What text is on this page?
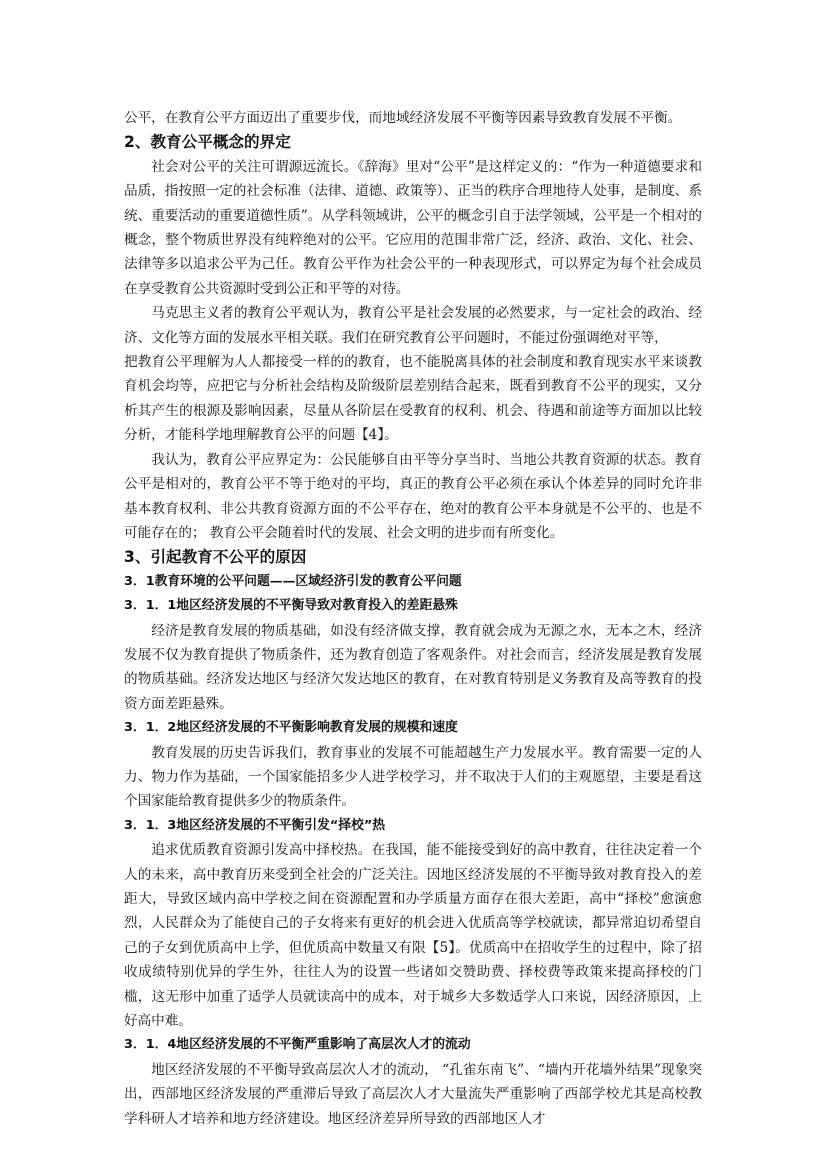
公平，在教育公平方面迈出了重要步伐，而地域经济发展不平衡等因素导致教育发展不平衡。

2、教育公平概念的界定

社会对公平的关注可谓源远流长。《辞海》里对“公平”是这样定义的：“作为一种道德要求和品质，指按照一定的社会标准（法律、道德、政策等）、正当的秩序合理地待人处事，是制度、系统、重要活动的重要道德性质”。从学科领域讲，公平的概念引自于法学领域，公平是一个相对的概念，整个物质世界没有纯粹绝对的公平。它应用的范围非常广泛，经济、政治、文化、社会、法律等多以追求公平为己任。教育公平作为社会公平的一种表现形式，可以界定为每个社会成员在享受教育公共资源时受到公正和平等的对待。

马克思主义者的教育公平观认为，教育公平是社会发展的必然要求，与一定社会的政治、经济、文化等方面的发展水平相关联。我们在研究教育公平问题时，不能过份强调绝对平等，

把教育公平理解为人人都接受一样的的教育，也不能脱离具体的社会制度和教育现实水平来谈教育机会均等，应把它与分析社会结构及阶级阶层差别结合起来，既看到教育不公平的现实，又分析其产生的根源及影响因素，尽量从各阶层在受教育的权利、机会、待遇和前途等方面加以比较分析，才能科学地理解教育公平的问题【4】。

我认为，教育公平应界定为：公民能够自由平等分享当时、当地公共教育资源的状态。教育公平是相对的，教育公平不等于绝对的平均，真正的教育公平必须在承认个体差异的同时允许非基本教育权利、非公共教育资源方面的不公平存在，绝对的教育公平本身就是不公平的、也是不可能存在的； 教育公平会随着时代的发展、社会文明的进步而有所变化。

3、引起教育不公平的原因
3．1教育环境的公平问题——区域经济引发的教育公平问题
3．1．1地区经济发展的不平衡导致对教育投入的差距悬殊

经济是教育发展的物质基础，如没有经济做支撑，教育就会成为无源之水，无本之木，经济发展不仅为教育提供了物质条件，还为教育创造了客观条件。对社会而言，经济发展是教育发展的物质基础。经济发达地区与经济欠发达地区的教育，在对教育特别是义务教育及高等教育的投资方面差距悬殊。

3．1．2地区经济发展的不平衡影响教育发展的规模和速度

教育发展的历史告诉我们，教育事业的发展不可能超越生产力发展水平。教育需要一定的人力、物力作为基础，一个国家能招多少人进学校学习，并不取决于人们的主观愿望，主要是看这个国家能给教育提供多少的物质条件。

3．1．3地区经济发展的不平衡引发“择校”热

追求优质教育资源引发高中择校热。在我国，能不能接受到好的高中教育，往往决定着一个人的未来，高中教育历来受到全社会的广泛关注。因地区经济发展的不平衡导致对教育投入的差距大，导致区域内高中学校之间在资源配置和办学质量方面存在很大差距，高中“择校”愈演愈烈，人民群众为了能使自己的子女将来有更好的机会进入优质高等学校就读，都异常迫切希望自己的子女到优质高中上学，但优质高中数量又有限【5】。优质高中在招收学生的过程中，除了招收成绩特别优异的学生外，往往人为的设置一些诸如交赞助费、择校费等政策来提高择校的门槛，这无形中加重了适学人员就读高中的成本，对于城乡大多数适学人口来说，因经济原因，上好高中难。

3．1．4地区经济发展的不平衡严重影响了高层次人才的流动

地区经济发展的不平衡导致高层次人才的流动， “孔雀东南飞”、“墙内开花墙外结果”现象突出，西部地区经济发展的严重滞后导致了高层次人才大量流失严重影响了西部学校尤其是高校教学科研人才培养和地方经济建设。地区经济差异所导致的西部地区人才
